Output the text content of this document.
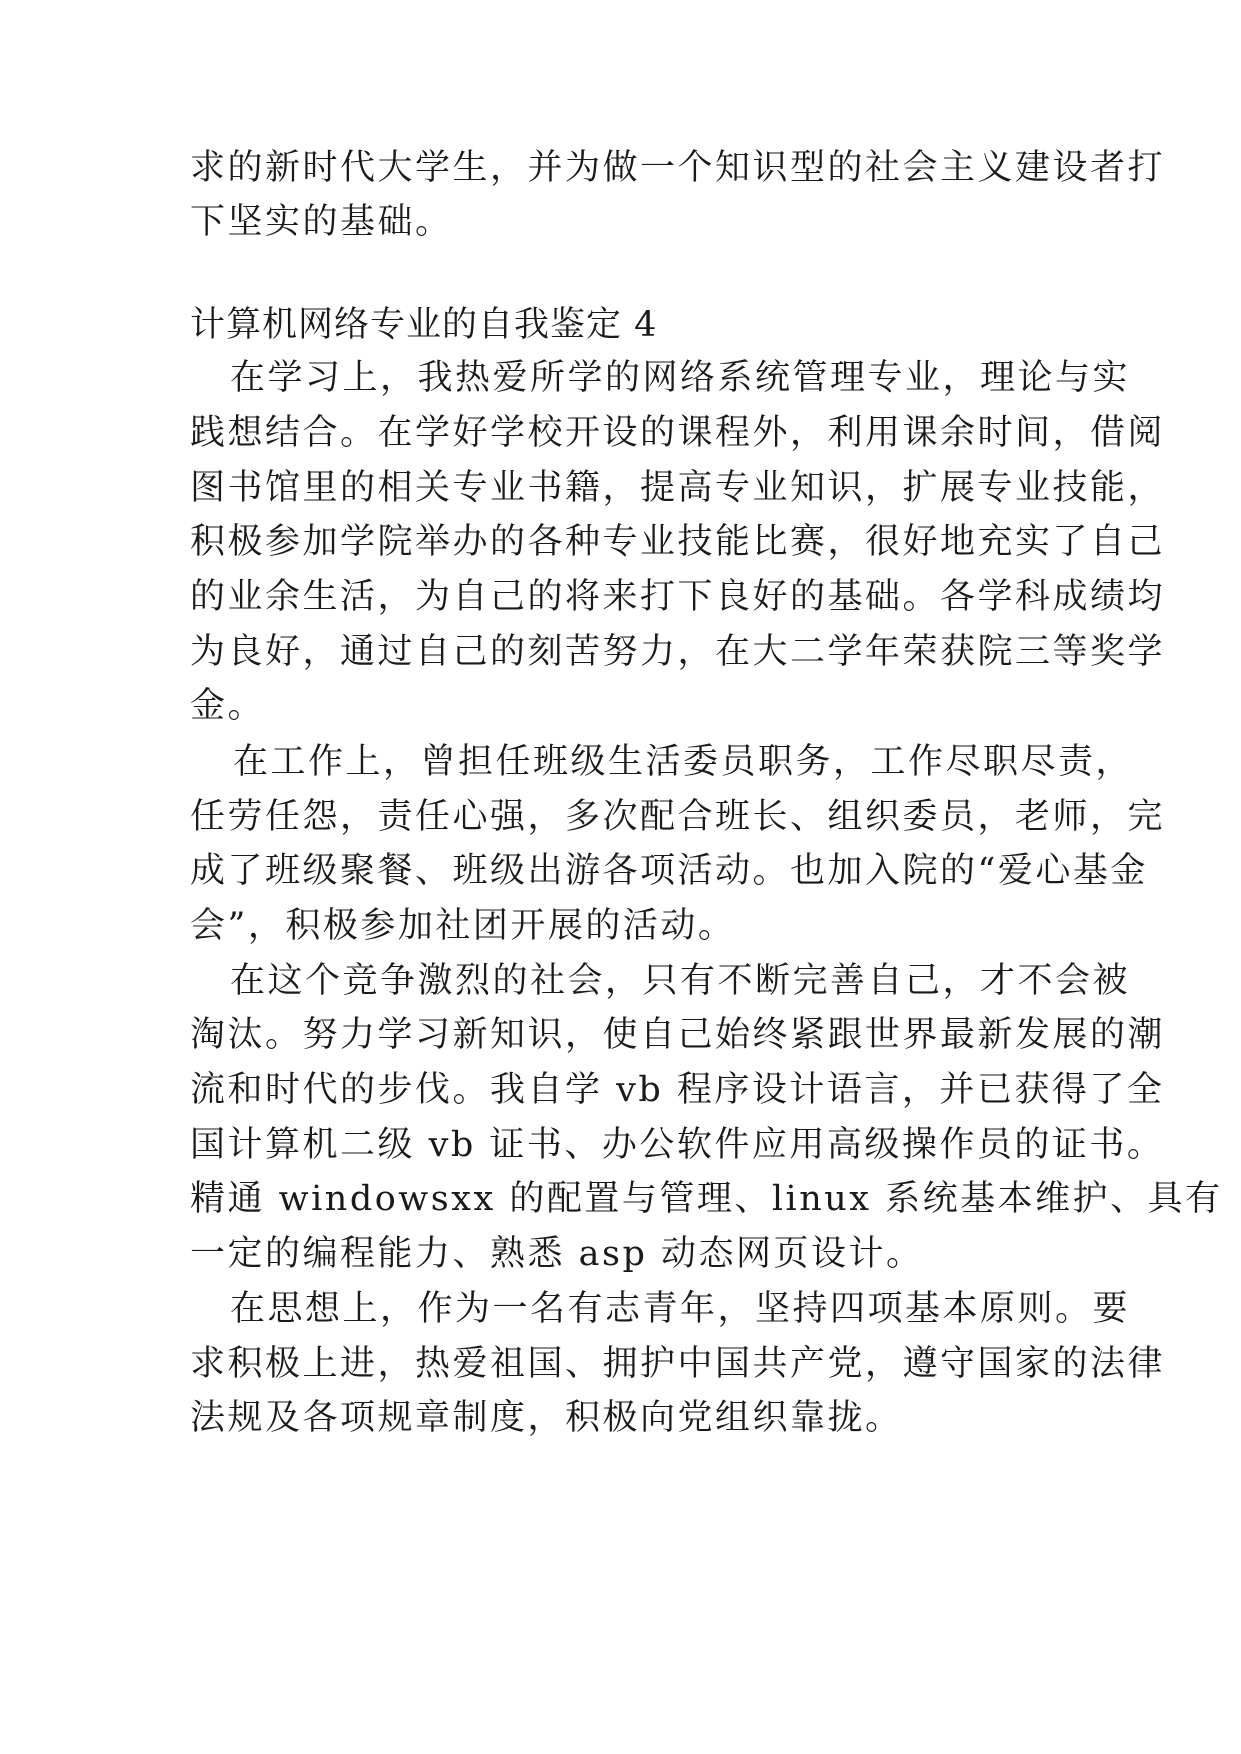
求的新时代大学生，并为做一个知识型的社会主义建设者打
下坚实的基础。
计算机网络专业的自我鉴定 4
在学习上，我热爱所学的网络系统管理专业，理论与实
践想结合。在学好学校开设的课程外，利用课余时间，借阅
图书馆里的相关专业书籍，提高专业知识，扩展专业技能，
积极参加学院举办的各种专业技能比赛，很好地充实了自己
的业余生活，为自己的将来打下良好的基础。各学科成绩均
为良好，通过自己的刻苦努力，在大二学年荣获院三等奖学
金。
在工作上，曾担任班级生活委员职务，工作尽职尽责，
任劳任怨，责任心强，多次配合班长、组织委员，老师，完
成了班级聚餐、班级出游各项活动。也加入院的“爱心基金
会”，积极参加社团开展的活动。
在这个竞争激烈的社会，只有不断完善自己，才不会被
淘汰。努力学习新知识，使自己始终紧跟世界最新发展的潮
流和时代的步伐。我自学 vb 程序设计语言，并已获得了全
国计算机二级 vb 证书、办公软件应用高级操作员的证书。
精通 windowsxx 的配置与管理、linux 系统基本维护、具有
一定的编程能力、熟悉 asp 动态网页设计。
在思想上，作为一名有志青年，坚持四项基本原则。要
求积极上进，热爱祖国、拥护中国共产党，遵守国家的法律
法规及各项规章制度，积极向党组织靠拢。
